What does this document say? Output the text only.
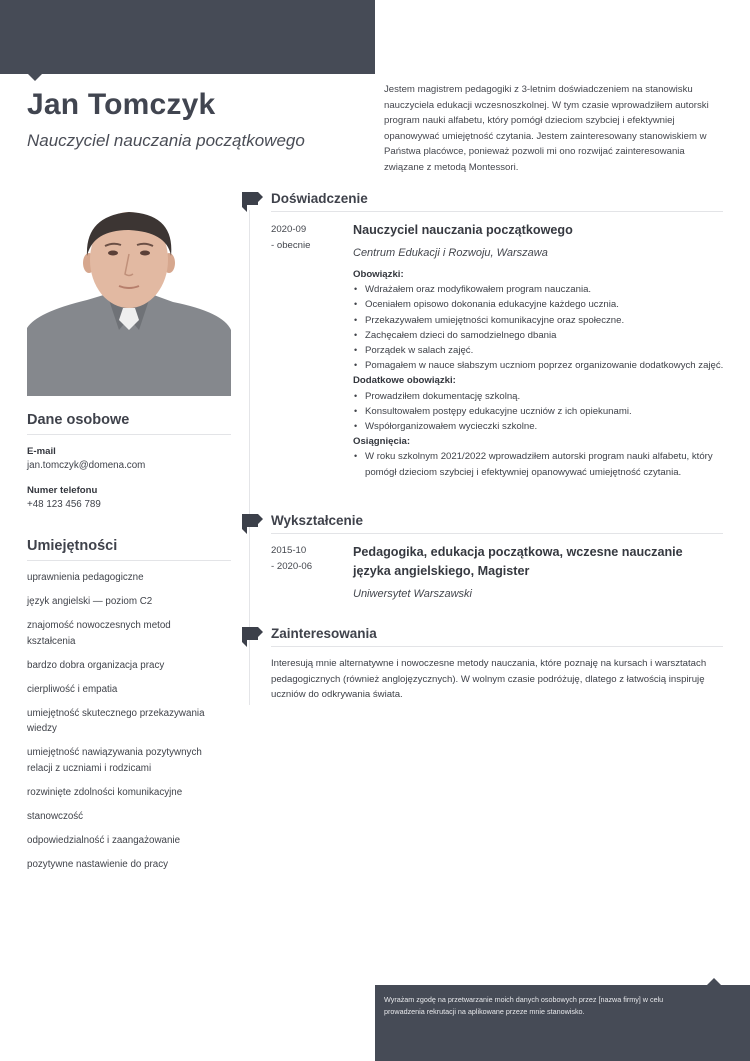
Jan Tomczyk
Nauczyciel nauczania początkowego
Jestem magistrem pedagogiki z 3-letnim doświadczeniem na stanowisku nauczyciela edukacji wczesnoszkolnej. W tym czasie wprowadziłem autorski program nauki alfabetu, który pomógł dzieciom szybciej i efektywniej opanowywać umiejętność czytania. Jestem zainteresowany stanowiskiem w Państwa placówce, ponieważ pozwoli mi ono rozwijać zainteresowania związane z metodą Montessori.
Dane osobowe
E-mail
jan.tomczyk@domena.com
Numer telefonu
+48 123 456 789
Umiejętności
uprawnienia pedagogiczne
język angielski — poziom C2
znajomość nowoczesnych metod kształcenia
bardzo dobra organizacja pracy
cierpliwość i empatia
umiejętność skutecznego przekazywania wiedzy
umiejętność nawiązywania pozytywnych relacji z uczniami i rodzicami
rozwinięte zdolności komunikacyjne
stanowczość
odpowiedzialność i zaangażowanie
pozytywne nastawienie do pracy
Doświadczenie
2020-09
- obecnie
Nauczyciel nauczania początkowego
Centrum Edukacji i Rozwoju, Warszawa
Obowiązki:
• Wdrażałem oraz modyfikowałem program nauczania.
• Oceniałem opisowo dokonania edukacyjne każdego ucznia.
• Przekazywałem umiejętności komunikacyjne oraz społeczne.
• Zachęcałem dzieci do samodzielnego dbania
• Porządek w salach zajęć.
• Pomagałem w nauce słabszym uczniom poprzez organizowanie dodatkowych zajęć.
Dodatkowe obowiązki:
• Prowadziłem dokumentację szkolną.
• Konsultowałem postępy edukacyjne uczniów z ich opiekunami.
• Współorganizowałem wycieczki szkolne.
Osiągnięcia:
• W roku szkolnym 2021/2022 wprowadziłem autorski program nauki alfabetu, który pomógł dzieciom szybciej i efektywniej opanowywać umiejętność czytania.
Wykształcenie
2015-10
- 2020-06
Pedagogika, edukacja początkowa, wczesne nauczanie języka angielskiego, Magister
Uniwersytet Warszawski
Zainteresowania
Interesują mnie alternatywne i nowoczesne metody nauczania, które poznaję na kursach i warsztatach pedagogicznych (również anglojęzycznych). W wolnym czasie podróżuję, dlatego z łatwością inspiruję uczniów do odkrywania świata.
Wyrażam zgodę na przetwarzanie moich danych osobowych przez [nazwa firmy] w celu prowadzenia rekrutacji na aplikowane przeze mnie stanowisko.
